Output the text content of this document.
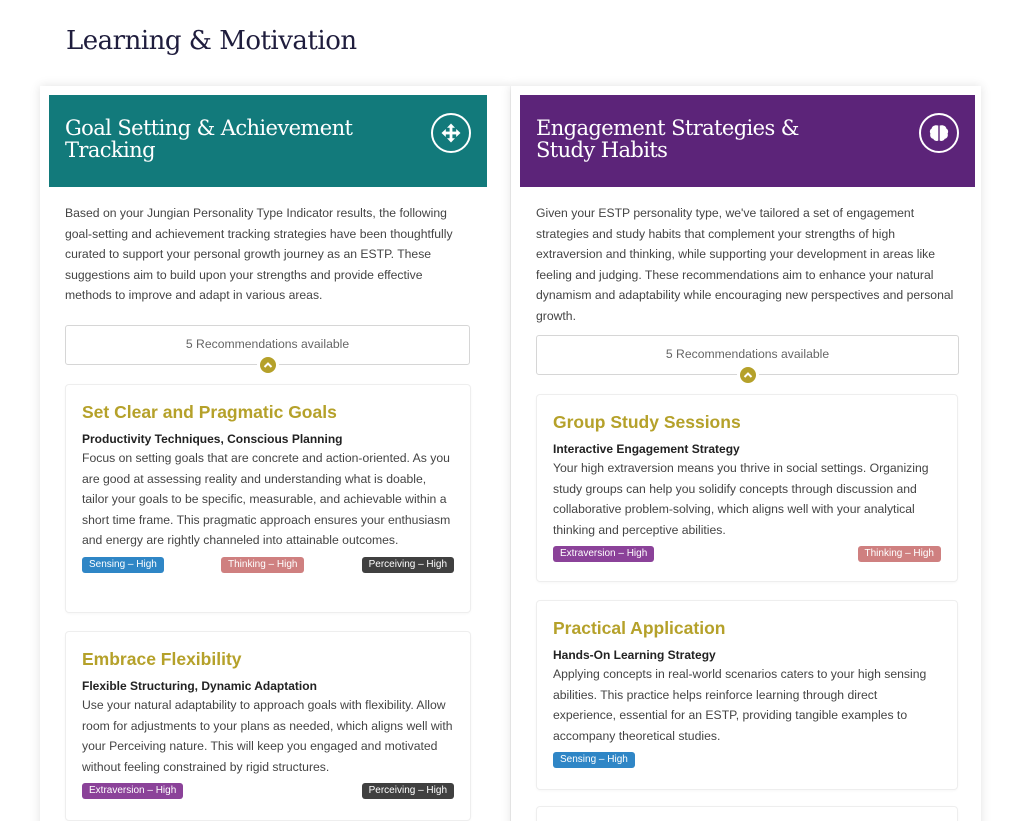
Learning & Motivation
Goal Setting & Achievement Tracking

Based on your Jungian Personality Type Indicator results, the following goal-setting and achievement tracking strategies have been thoughtfully curated to support your personal growth journey as an ESTP. These suggestions aim to build upon your strengths and provide effective methods to improve and adapt in various areas.

5 Recommendations available
Set Clear and Pragmatic Goals
Productivity Techniques, Conscious Planning
Focus on setting goals that are concrete and action-oriented. As you are good at assessing reality and understanding what is doable, tailor your goals to be specific, measurable, and achievable within a short time frame. This pragmatic approach ensures your enthusiasm and energy are rightly channeled into attainable outcomes.
Sensing – High	Thinking – High	Perceiving – High
Embrace Flexibility
Flexible Structuring, Dynamic Adaptation
Use your natural adaptability to approach goals with flexibility. Allow room for adjustments to your plans as needed, which aligns well with your Perceiving nature. This will keep you engaged and motivated without feeling constrained by rigid structures.
Extraversion – High	Perceiving – High
Engagement Strategies & Study Habits

Given your ESTP personality type, we've tailored a set of engagement strategies and study habits that complement your strengths of high extraversion and thinking, while supporting your development in areas like feeling and judging. These recommendations aim to enhance your natural dynamism and adaptability while encouraging new perspectives and personal growth.

5 Recommendations available
Group Study Sessions
Interactive Engagement Strategy
Your high extraversion means you thrive in social settings. Organizing study groups can help you solidify concepts through discussion and collaborative problem-solving, which aligns well with your analytical thinking and perceptive abilities.
Extraversion – High	Thinking – High
Practical Application
Hands-On Learning Strategy
Applying concepts in real-world scenarios caters to your high sensing abilities. This practice helps reinforce learning through direct experience, essential for an ESTP, providing tangible examples to accompany theoretical studies.
Sensing – High
